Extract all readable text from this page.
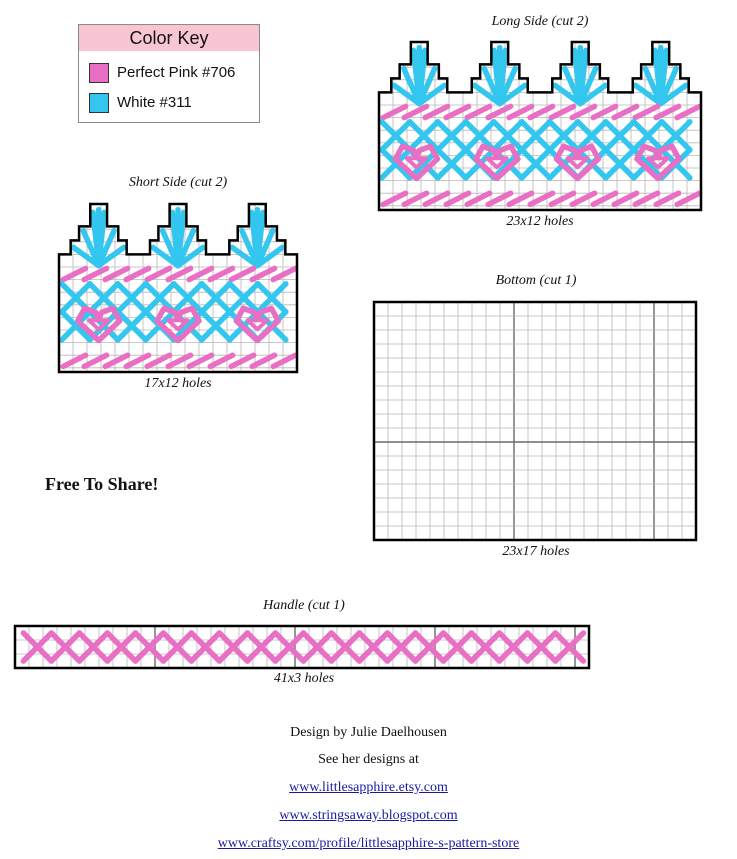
Color Key
Perfect Pink #706
White #311
Long Side (cut 2)
23x12 holes
Short Side (cut 2)
17x12 holes
Bottom (cut 1)
23x17 holes
Free To Share!
Handle (cut 1)
41x3 holes
Design by Julie Daelhousen
See her designs at
www.littlesapphire.etsy.com
www.stringsaway.blogspot.com
www.craftsy.com/profile/littlesapphire-s-pattern-store
